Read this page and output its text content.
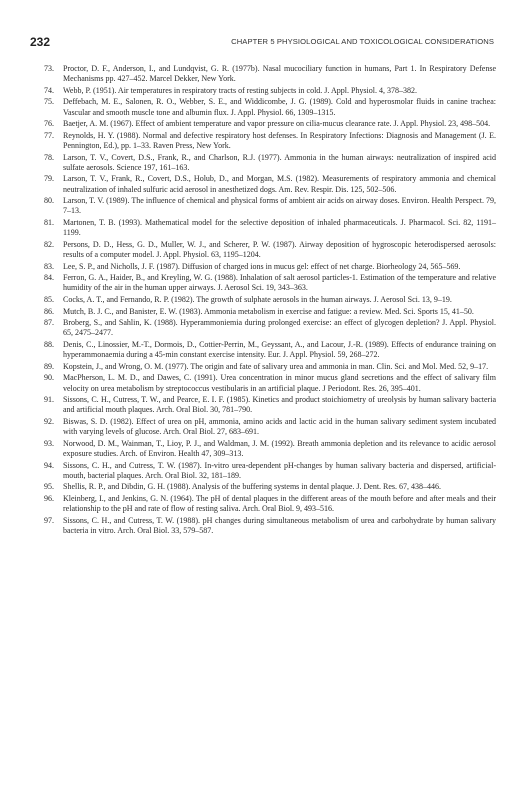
232	CHAPTER 5 PHYSIOLOGICAL AND TOXICOLOGICAL CONSIDERATIONS
73.	Proctor, D. F., Anderson, I., and Lundqvist, G. R. (1977b). Nasal mucociliary function in humans, Part 1. In Respiratory Defense Mechanisms pp. 427–452. Marcel Dekker, New York.
74.	Webb, P. (1951). Air temperatures in respiratory tracts of resting subjects in cold. J. Appl. Physiol. 4, 378–382.
75.	Deffebach, M. E., Salonen, R. O., Webber, S. E., and Widdicombe, J. G. (1989). Cold and hyperosmolar fluids in canine trachea: Vascular and smooth muscle tone and albumin flux. J. Appl. Physiol. 66, 1309–1315.
76.	Baetjer, A. M. (1967). Effect of ambient temperature and vapor pressure on cilia-mucus clearance rate. J. Appl. Physiol. 23, 498–504.
77.	Reynolds, H. Y. (1988). Normal and defective respiratory host defenses. In Respiratory Infections: Diagnosis and Management (J. E. Pennington, Ed.), pp. 1–33. Raven Press, New York.
78.	Larson, T. V., Covert, D.S., Frank, R., and Charlson, R.J. (1977). Ammonia in the human airways: neutralization of inspired acid sulfate aerosols. Science 197, 161–163.
79.	Larson, T. V., Frank, R., Covert, D.S., Holub, D., and Morgan, M.S. (1982). Measurements of respiratory ammonia and chemical neutralization of inhaled sulfuric acid aerosol in anesthetized dogs. Am. Rev. Respir. Dis. 125, 502–506.
80.	Larson, T. V. (1989). The influence of chemical and physical forms of ambient air acids on airway doses. Environ. Health Perspect. 79, 7–13.
81.	Martonen, T. B. (1993). Mathematical model for the selective deposition of inhaled pharmaceuticals. J. Pharmacol. Sci. 82, 1191–1199.
82.	Persons, D. D., Hess, G. D., Muller, W. J., and Scherer, P. W. (1987). Airway deposition of hygroscopic heterodispersed aerosols: results of a computer model. J. Appl. Physiol. 63, 1195–1204.
83.	Lee, S. P., and Nicholls, J. F. (1987). Diffusion of charged ions in mucus gel: effect of net charge. Biorheology 24, 565–569.
84.	Ferron, G. A., Haider, B., and Kreyling, W. G. (1988). Inhalation of salt aerosol particles-1. Estimation of the temperature and relative humidity of the air in the human upper airways. J. Aerosol Sci. 19, 343–363.
85.	Cocks, A. T., and Fernando, R. P. (1982). The growth of sulphate aerosols in the human airways. J. Aerosol Sci. 13, 9–19.
86.	Mutch, B. J. C., and Banister, E. W. (1983). Ammonia metabolism in exercise and fatigue: a review. Med. Sci. Sports 15, 41–50.
87.	Broberg, S., and Sahlin, K. (1988). Hyperammoniemia during prolonged exercise: an effect of glycogen depletion? J. Appl. Physiol. 65, 2475–2477.
88.	Denis, C., Linossier, M.-T., Dormois, D., Cottier-Perrin, M., Geyssant, A., and Lacour, J.-R. (1989). Effects of endurance training on hyperammonaemia during a 45-min constant exercise intensity. Eur. J. Appl. Physiol. 59, 268–272.
89.	Kopstein, J., and Wrong, O. M. (1977). The origin and fate of salivary urea and ammonia in man. Clin. Sci. and Mol. Med. 52, 9–17.
90.	MacPherson, L. M. D., and Dawes, C. (1991). Urea concentration in minor mucus gland secretions and the effect of salivary film velocity on urea metabolism by streptococcus vestibularis in an artificial plaque. J Periodont. Res. 26, 395–401.
91.	Sissons, C. H., Cutress, T. W., and Pearce, E. I. F. (1985). Kinetics and product stoichiometry of ureolysis by human salivary bacteria and artificial mouth plaques. Arch. Oral Biol. 30, 781–790.
92.	Biswas, S. D. (1982). Effect of urea on pH, ammonia, amino acids and lactic acid in the human salivary sediment system incubated with varying levels of glucose. Arch. Oral Biol. 27, 683–691.
93.	Norwood, D. M., Wainman, T., Lioy, P. J., and Waldman, J. M. (1992). Breath ammonia depletion and its relevance to acidic aerosol exposure studies. Arch. of Environ. Health 47, 309–313.
94.	Sissons, C. H., and Cutress, T. W. (1987). In-vitro urea-dependent pH-changes by human salivary bacteria and dispersed, artificial-mouth, bacterial plaques. Arch. Oral Biol. 32, 181–189.
95.	Shellis, R. P., and Dibdin, G. H. (1988). Analysis of the buffering systems in dental plaque. J. Dent. Res. 67, 438–446.
96.	Kleinberg, I., and Jenkins, G. N. (1964). The pH of dental plaques in the different areas of the mouth before and after meals and their relationship to the pH and rate of flow of resting saliva. Arch. Oral Biol. 9, 493–516.
97.	Sissons, C. H., and Cutress, T. W. (1988). pH changes during simultaneous metabolism of urea and carbohydrate by human salivary bacteria in vitro. Arch. Oral Biol. 33, 579–587.
